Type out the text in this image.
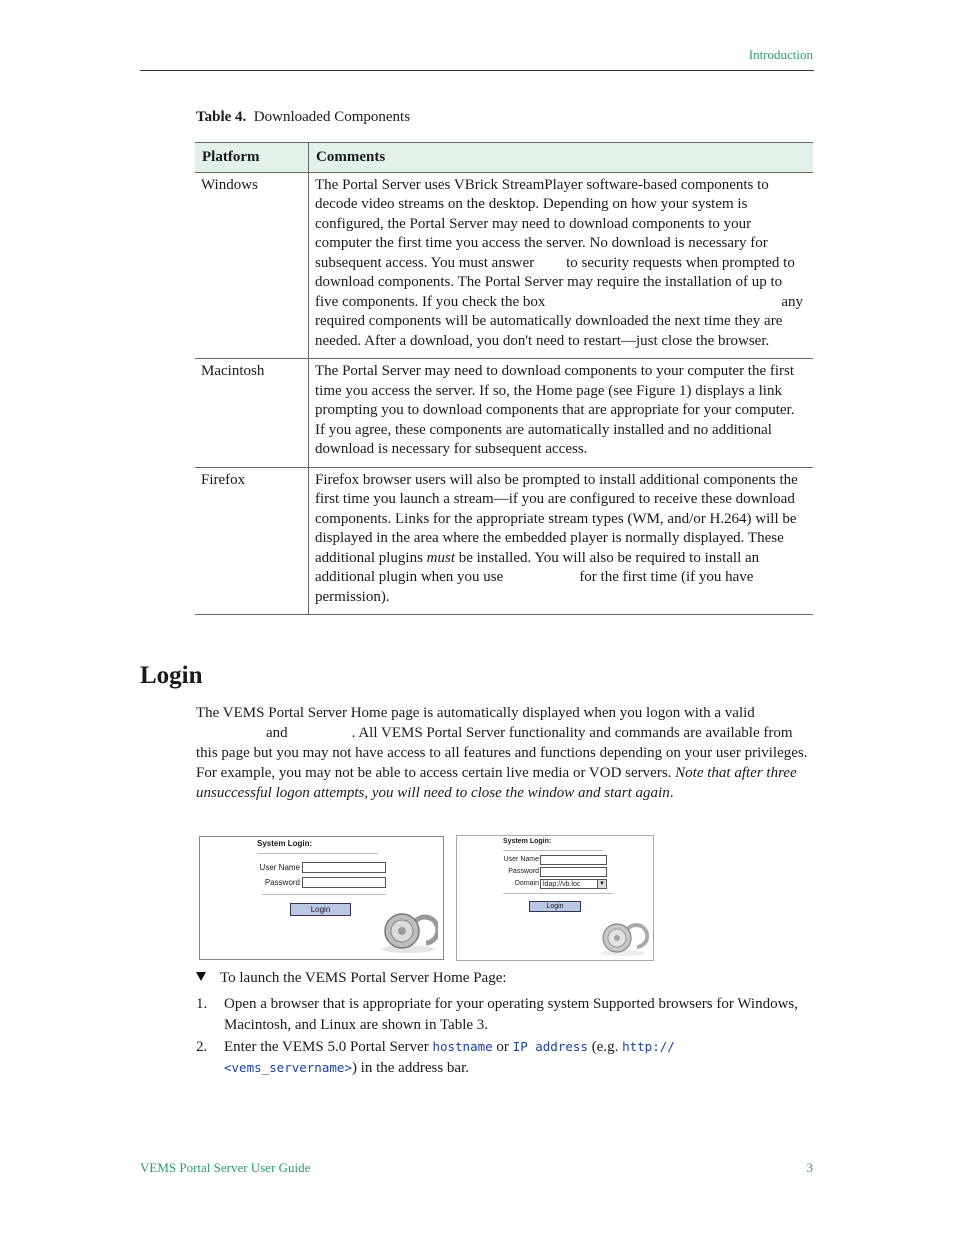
Introduction
Table 4. Downloaded Components
Platform	Comments
Windows	The Portal Server uses VBrick StreamPlayer software-based components to decode video streams on the desktop. Depending on how your system is configured, the Portal Server may need to download components to your computer the first time you access the server. No download is necessary for subsequent access. You must answer to security requests when prompted to download components. The Portal Server may require the installation of up to five components. If you check the box any required components will be automatically downloaded the next time they are needed. After a download, you don't need to restart—just close the browser.
Macintosh	The Portal Server may need to download components to your computer the first time you access the server. If so, the Home page (see Figure 1) displays a link prompting you to download components that are appropriate for your computer. If you agree, these components are automatically installed and no additional download is necessary for subsequent access.
Firefox	Firefox browser users will also be prompted to install additional components the first time you launch a stream—if you are configured to receive these download components. Links for the appropriate stream types (WM, and/or H.264) will be displayed in the area where the embedded player is normally displayed. These additional plugins must be installed. You will also be required to install an additional plugin when you use for the first time (if you have permission).
Login
The VEMS Portal Server Home page is automatically displayed when you logon with a validand	. All VEMS Portal Server functionality and commands are available from this page but you may not have access to all features and functions depending on your user privileges. For example, you may not be able to access certain live media or VOD servers. Note that after three unsuccessful logon attempts, you will need to close the window and start again.
System Login:
User Name
Password
Login
System Login:
User Name
Password
Domain ldap://vb.loc	▼
Login
To launch the VEMS Portal Server Home Page:
1. Open a browser that is appropriate for your operating system Supported browsers for Windows, Macintosh, and Linux are shown in Table 3.
2. Enter the VEMS 5.0 Portal Server hostname or IP address (e.g. http://
<vems_servername>) in the address bar.
VEMS Portal Server User Guide	3
